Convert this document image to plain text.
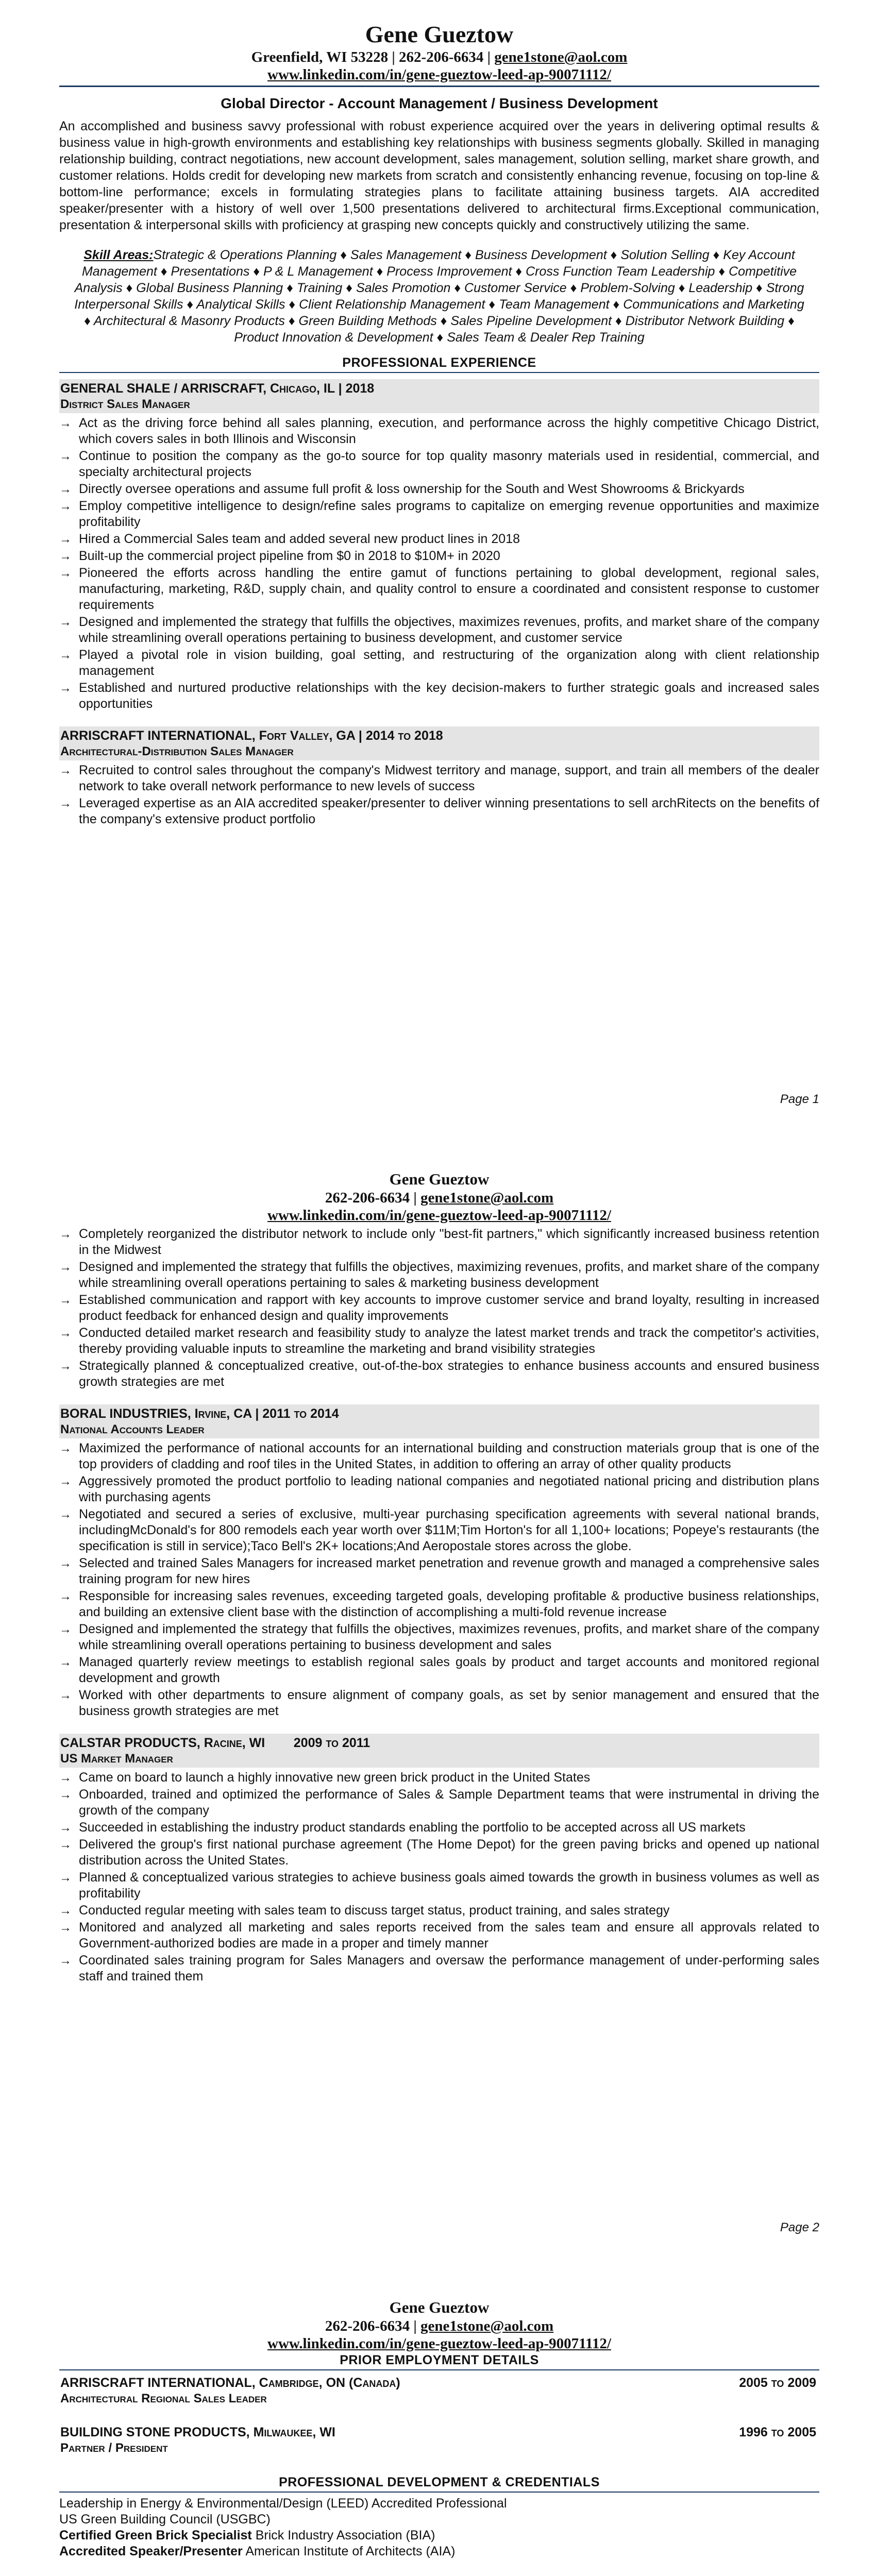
Gene Gueztow
Greenfield, WI 53228 | 262-206-6634 | gene1stone@aol.com
www.linkedin.com/in/gene-gueztow-leed-ap-90071112/
Global Director - Account Management / Business Development
An accomplished and business savvy professional with robust experience acquired over the years in delivering optimal results & business value in high-growth environments and establishing key relationships with business segments globally. Skilled in managing relationship building, contract negotiations, new account development, sales management, solution selling, market share growth, and customer relations. Holds credit for developing new markets from scratch and consistently enhancing revenue, focusing on top-line & bottom-line performance; excels in formulating strategies plans to facilitate attaining business targets. AIA accredited speaker/presenter with a history of well over 1,500 presentations delivered to architectural firms.Exceptional communication, presentation & interpersonal skills with proficiency at grasping new concepts quickly and constructively utilizing the same.
Skill Areas:Strategic & Operations Planning ♦ Sales Management ♦ Business Development ♦ Solution Selling ♦ Key Account Management ♦ Presentations ♦ P & L Management ♦ Process Improvement ♦ Cross Function Team Leadership ♦ Competitive Analysis ♦ Global Business Planning ♦ Training ♦ Sales Promotion ♦ Customer Service ♦ Problem-Solving ♦ Leadership ♦ Strong Interpersonal Skills ♦ Analytical Skills ♦ Client Relationship Management ♦ Team Management ♦ Communications and Marketing ♦ Architectural & Masonry Products ♦ Green Building Methods ♦ Sales Pipeline Development ♦ Distributor Network Building ♦ Product Innovation & Development ♦ Sales Team & Dealer Rep Training
PROFESSIONAL EXPERIENCE
GENERAL SHALE / ARRISCRAFT, Chicago, IL | 2018
District Sales Manager
→ Act as the driving force behind all sales planning, execution, and performance across the highly competitive Chicago District, which covers sales in both Illinois and Wisconsin
→ Continue to position the company as the go-to source for top quality masonry materials used in residential, commercial, and specialty architectural projects
→ Directly oversee operations and assume full profit & loss ownership for the South and West Showrooms & Brickyards
→ Employ competitive intelligence to design/refine sales programs to capitalize on emerging revenue opportunities and maximize profitability
→ Hired a Commercial Sales team and added several new product lines in 2018
→ Built-up the commercial project pipeline from $0 in 2018 to $10M+ in 2020
→ Pioneered the efforts across handling the entire gamut of functions pertaining to global development, regional sales, manufacturing, marketing, R&D, supply chain, and quality control to ensure a coordinated and consistent response to customer requirements
→ Designed and implemented the strategy that fulfills the objectives, maximizes revenues, profits, and market share of the company while streamlining overall operations pertaining to business development, and customer service
→ Played a pivotal role in vision building, goal setting, and restructuring of the organization along with client relationship management
→ Established and nurtured productive relationships with the key decision-makers to further strategic goals and increased sales opportunities
ARRISCRAFT INTERNATIONAL, Fort Valley, GA | 2014 to 2018
Architectural-Distribution Sales Manager
→ Recruited to control sales throughout the company's Midwest territory and manage, support, and train all members of the dealer network to take overall network performance to new levels of success
→ Leveraged expertise as an AIA accredited speaker/presenter to deliver winning presentations to sell archRitects on the benefits of the company's extensive product portfolio
Page 1
Gene Gueztow
262-206-6634 | gene1stone@aol.com
www.linkedin.com/in/gene-gueztow-leed-ap-90071112/
→ Completely reorganized the distributor network to include only "best-fit partners," which significantly increased business retention in the Midwest
→ Designed and implemented the strategy that fulfills the objectives, maximizing revenues, profits, and market share of the company while streamlining overall operations pertaining to sales & marketing business development
→ Established communication and rapport with key accounts to improve customer service and brand loyalty, resulting in increased product feedback for enhanced design and quality improvements
→ Conducted detailed market research and feasibility study to analyze the latest market trends and track the competitor's activities, thereby providing valuable inputs to streamline the marketing and brand visibility strategies
→ Strategically planned & conceptualized creative, out-of-the-box strategies to enhance business accounts and ensured business growth strategies are met
BORAL INDUSTRIES, Irvine, CA | 2011 to 2014
National Accounts Leader
→ Maximized the performance of national accounts for an international building and construction materials group that is one of the top providers of cladding and roof tiles in the United States, in addition to offering an array of other quality products
→ Aggressively promoted the product portfolio to leading national companies and negotiated national pricing and distribution plans with purchasing agents
→ Negotiated and secured a series of exclusive, multi-year purchasing specification agreements with several national brands, includingMcDonald's for 800 remodels each year worth over $11M;Tim Horton's for all 1,100+ locations; Popeye's restaurants (the specification is still in service);Taco Bell's 2K+ locations;And Aeropostale stores across the globe.
→ Selected and trained Sales Managers for increased market penetration and revenue growth and managed a comprehensive sales training program for new hires
→ Responsible for increasing sales revenues, exceeding targeted goals, developing profitable & productive business relationships, and building an extensive client base with the distinction of accomplishing a multi-fold revenue increase
→ Designed and implemented the strategy that fulfills the objectives, maximizes revenues, profits, and market share of the company while streamlining overall operations pertaining to business development and sales
→ Managed quarterly review meetings to establish regional sales goals by product and target accounts and monitored regional development and growth
→ Worked with other departments to ensure alignment of company goals, as set by senior management and ensured that the business growth strategies are met
CALSTAR PRODUCTS, Racine, WI        2009 to 2011
US Market Manager
→ Came on board to launch a highly innovative new green brick product in the United States
→ Onboarded, trained and optimized the performance of Sales & Sample Department teams that were instrumental in driving the growth of the company
→ Succeeded in establishing the industry product standards enabling the portfolio to be accepted across all US markets
→ Delivered the group's first national purchase agreement (The Home Depot) for the green paving bricks and opened up national distribution across the United States.
→ Planned & conceptualized various strategies to achieve business goals aimed towards the growth in business volumes as well as profitability
→ Conducted regular meeting with sales team to discuss target status, product training, and sales strategy
→ Monitored and analyzed all marketing and sales reports received from the sales team and ensure all approvals related to Government-authorized bodies are made in a proper and timely manner
→ Coordinated sales training program for Sales Managers and oversaw the performance management of under-performing sales staff and trained them
Page 2
Gene Gueztow
262-206-6634 | gene1stone@aol.com
www.linkedin.com/in/gene-gueztow-leed-ap-90071112/
PRIOR EMPLOYMENT DETAILS
ARRISCRAFT INTERNATIONAL, Cambridge, ON (Canada)	2005 to 2009
Architectural Regional Sales Leader
BUILDING STONE PRODUCTS, Milwaukee, WI	1996 to 2005
Partner / President
PROFESSIONAL DEVELOPMENT & CREDENTIALS
Leadership in Energy & Environmental/Design (LEED) Accredited Professional
US Green Building Council (USGBC)
Certified Green Brick Specialist Brick Industry Association (BIA)
Accredited Speaker/Presenter American Institute of Architects (AIA)
